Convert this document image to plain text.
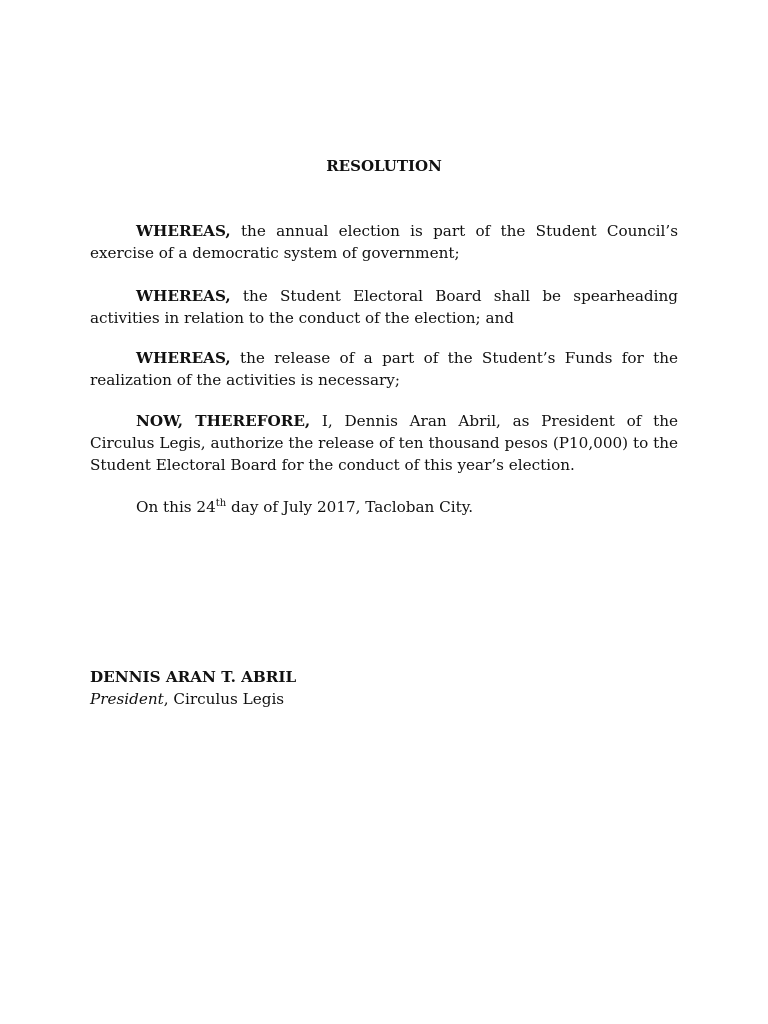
RESOLUTION

WHEREAS, the annual election is part of the Student Council’s exercise of a democratic system of government;

WHEREAS, the Student Electoral Board shall be spearheading activities in relation to the conduct of the election; and

WHEREAS, the release of a part of the Student’s Funds for the realization of the activities is necessary;

NOW, THEREFORE, I, Dennis Aran Abril, as President of the Circulus Legis, authorize the release of ten thousand pesos (P10,000) to the Student Electoral Board for the conduct of this year’s election.

On this 24th day of July 2017, Tacloban City.

DENNIS ARAN T. ABRIL
President, Circulus Legis
